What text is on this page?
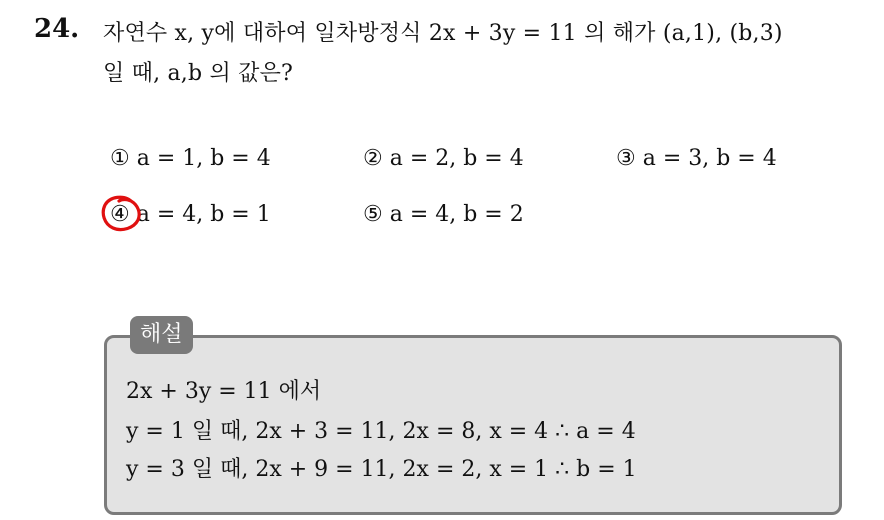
24. 자연수 x, y에 대하여 일차방정식 2x + 3y = 11 의 해가 (a,1), (b,3)
일 때, a,b 의 값은?
① a = 1, b = 4	② a = 2, b = 4	③ a = 3, b = 4
④ a = 4, b = 1	⑤ a = 4, b = 2
해설
2x + 3y = 11 에서
y = 1 일 때, 2x + 3 = 11, 2x = 8, x = 4 ∴ a = 4
y = 3 일 때, 2x + 9 = 11, 2x = 2, x = 1 ∴ b = 1
